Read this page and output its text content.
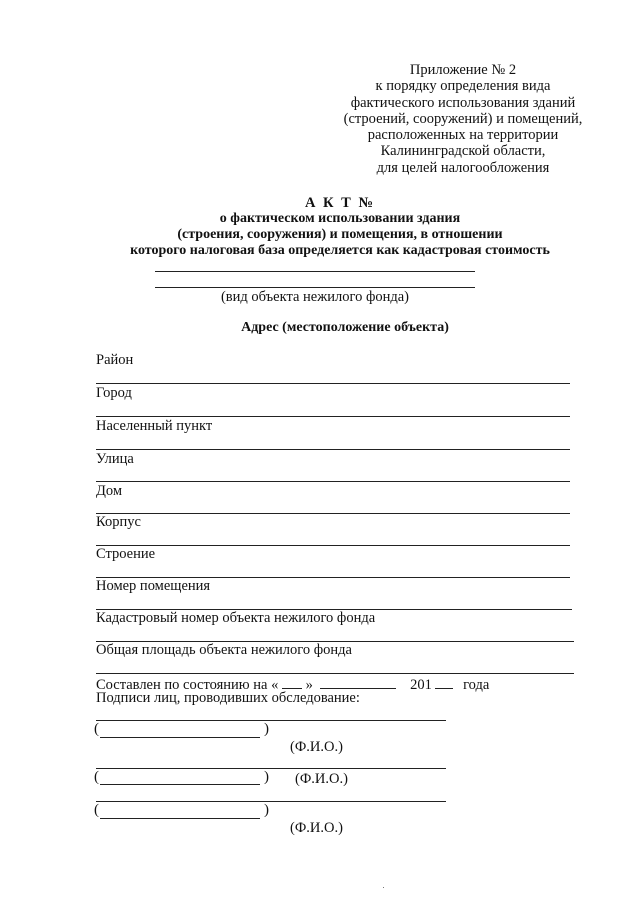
Приложение № 2
к порядку определения вида
фактического использования зданий
(строений, сооружений) и помещений,
расположенных на территории
Калининградской области,
для целей налогообложения
А К Т №
о фактическом использовании здания
(строения, сооружения) и помещения, в отношении
которого налоговая база определяется как кадастровая стоимость
(вид объекта нежилого фонда)
Адрес (местоположение объекта)
Район
Город
Населенный пункт
Улица
Дом
Корпус
Строение
Номер помещения
Кадастровый номер объекта нежилого фонда
Общая площадь объекта нежилого фонда
Составлен по состоянию на « »	201 года
Подписи лиц, проводивших обследование:
(	)
(Ф.И.О.)
(	) (Ф.И.О.)
(	)
(Ф.И.О.)
